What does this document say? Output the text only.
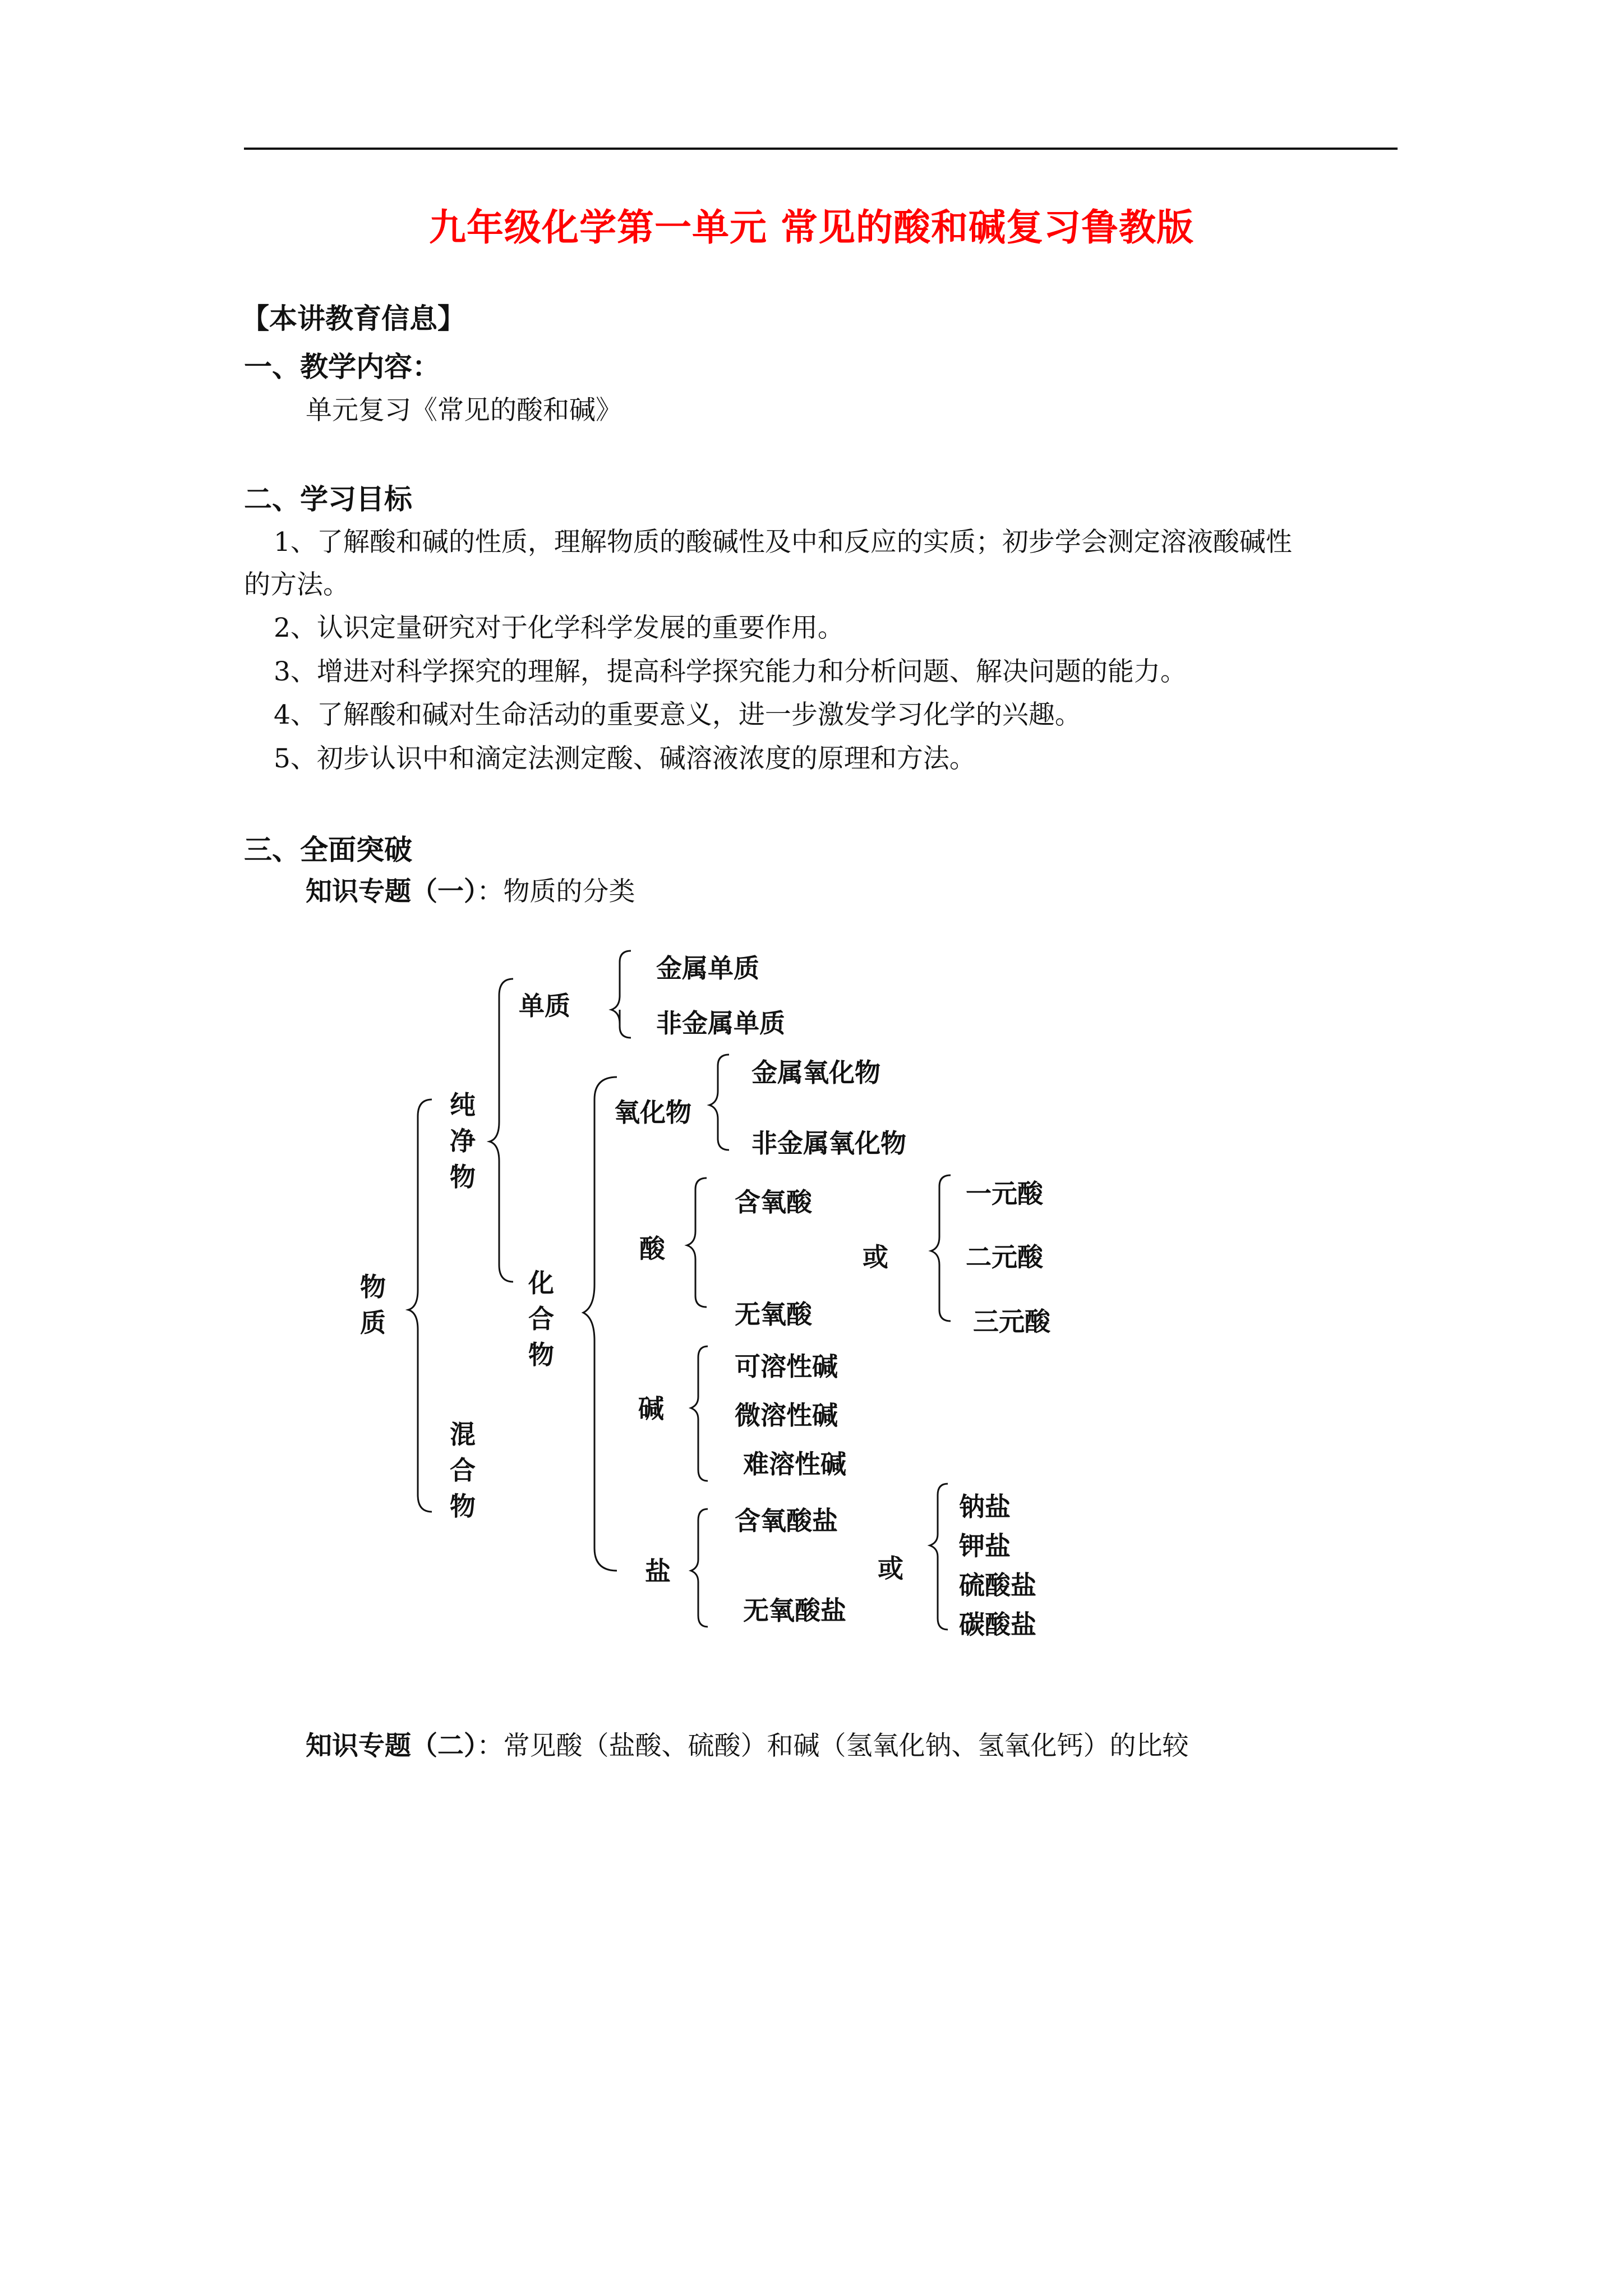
九年级化学第一单元 常见的酸和碱复习鲁教版
【本讲教育信息】
一、教学内容：
单元复习《常见的酸和碱》
二、学习目标
1、了解酸和碱的性质，理解物质的酸碱性及中和反应的实质；初步学会测定溶液酸碱性
的方法。
2、认识定量研究对于化学科学发展的重要作用。
3、增进对科学探究的理解，提高科学探究能力和分析问题、解决问题的能力。
4、了解酸和碱对生命活动的重要意义，进一步激发学习化学的兴趣。
5、初步认识中和滴定法测定酸、碱溶液浓度的原理和方法。
三、全面突破
知识专题（一）：物质的分类
物质
纯净物
混合物
单质
金属单质
非金属单质
化合物
氧化物
金属氧化物
非金属氧化物
酸
含氧酸
无氧酸
或
一元酸
二元酸
三元酸
碱
可溶性碱
微溶性碱
难溶性碱
盐
含氧酸盐
无氧酸盐
或
钠盐
钾盐
硫酸盐
碳酸盐
知识专题（二）：常见酸（盐酸、硫酸）和碱（氢氧化钠、氢氧化钙）的比较
